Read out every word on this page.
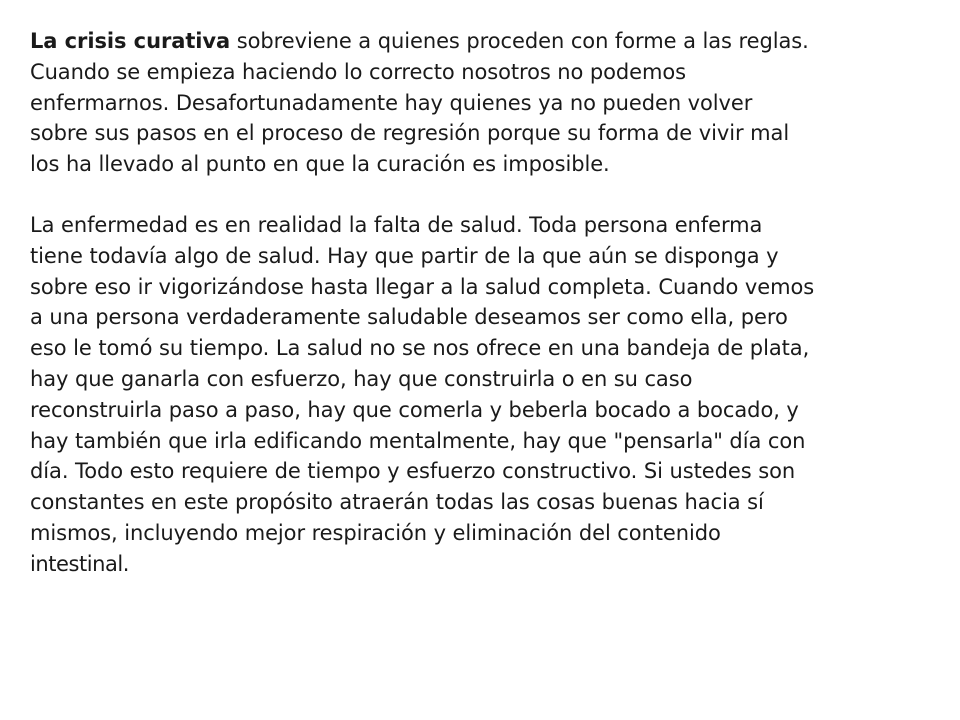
La crisis curativa sobreviene a quienes proceden con forme a las reglas.
Cuando se empieza haciendo lo correcto nosotros no podemos
enfermarnos. Desafortunadamente hay quienes ya no pueden volver
sobre sus pasos en el proceso de regresión porque su forma de vivir mal
los ha llevado al punto en que la curación es imposible.
La enfermedad es en realidad la falta de salud. Toda persona enferma
tiene todavía algo de salud. Hay que partir de la que aún se disponga y
sobre eso ir vigorizándose hasta llegar a la salud completa. Cuando vemos
a una persona verdaderamente saludable deseamos ser como ella, pero
eso le tomó su tiempo. La salud no se nos ofrece en una bandeja de plata,
hay que ganarla con esfuerzo, hay que construirla o en su caso
reconstruirla paso a paso, hay que comerla y beberla bocado a bocado, y
hay también que irla edificando mentalmente, hay que "pensarla" día con
día. Todo esto requiere de tiempo y esfuerzo constructivo. Si ustedes son
constantes en este propósito atraerán todas las cosas buenas hacia sí
mismos, incluyendo mejor respiración y eliminación del contenido
intestinal.
